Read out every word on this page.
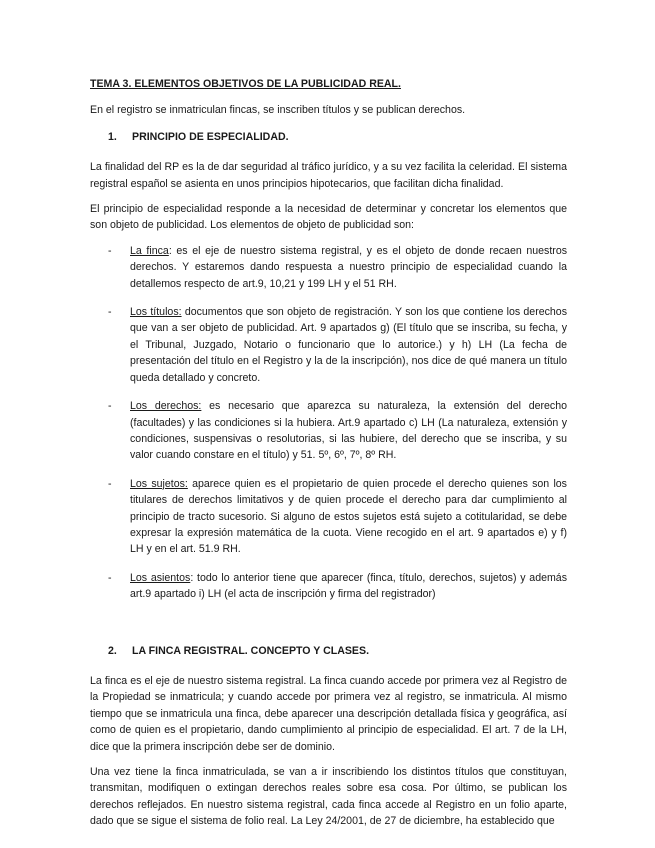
TEMA 3. ELEMENTOS OBJETIVOS DE LA PUBLICIDAD REAL.

En el registro se inmatriculan fincas, se inscriben títulos y se publican derechos.

1.	PRINCIPIO DE ESPECIALIDAD.

La finalidad del RP es la de dar seguridad al tráfico jurídico, y a su vez facilita la celeridad. El sistema registral español se asienta en unos principios hipotecarios, que facilitan dicha finalidad.

El principio de especialidad responde a la necesidad de determinar y concretar los elementos que son objeto de publicidad. Los elementos de objeto de publicidad son:

- La finca: es el eje de nuestro sistema registral, y es el objeto de donde recaen nuestros derechos. Y estaremos dando respuesta a nuestro principio de especialidad cuando la detallemos respecto de art.9, 10,21 y 199 LH y el 51 RH.
- Los títulos: documentos que son objeto de registración. Y son los que contiene los derechos que van a ser objeto de publicidad. Art. 9 apartados g) (El título que se inscriba, su fecha, y el Tribunal, Juzgado, Notario o funcionario que lo autorice.) y h) LH (La fecha de presentación del título en el Registro y la de la inscripción), nos dice de qué manera un título queda detallado y concreto.
- Los derechos: es necesario que aparezca su naturaleza, la extensión del derecho (facultades) y las condiciones si la hubiera. Art.9 apartado c) LH (La naturaleza, extensión y condiciones, suspensivas o resolutorias, si las hubiere, del derecho que se inscriba, y su valor cuando constare en el título) y 51. 5º, 6º, 7º, 8º RH.
- Los sujetos: aparece quien es el propietario de quien procede el derecho quienes son los titulares de derechos limitativos y de quien procede el derecho para dar cumplimiento al principio de tracto sucesorio. Si alguno de estos sujetos está sujeto a cotitularidad, se debe expresar la expresión matemática de la cuota. Viene recogido en el art. 9 apartados e) y f) LH y en el art. 51.9 RH.
- Los asientos: todo lo anterior tiene que aparecer (finca, título, derechos, sujetos) y además art.9 apartado i) LH (el acta de inscripción y firma del registrador)
2.	LA FINCA REGISTRAL. CONCEPTO Y CLASES.

La finca es el eje de nuestro sistema registral. La finca cuando accede por primera vez al Registro de la Propiedad se inmatricula; y cuando accede por primera vez al registro, se inmatricula. Al mismo tiempo que se inmatricula una finca, debe aparecer una descripción detallada física y geográfica, así como de quien es el propietario, dando cumplimiento al principio de especialidad. El art. 7 de la LH, dice que la primera inscripción debe ser de dominio.

Una vez tiene la finca inmatriculada, se van a ir inscribiendo los distintos títulos que constituyan, transmitan, modifiquen o extingan derechos reales sobre esa cosa. Por último, se publican los derechos reflejados. En nuestro sistema registral, cada finca accede al Registro en un folio aparte, dado que se sigue el sistema de folio real. La Ley 24/2001, de 27 de diciembre, ha establecido que
